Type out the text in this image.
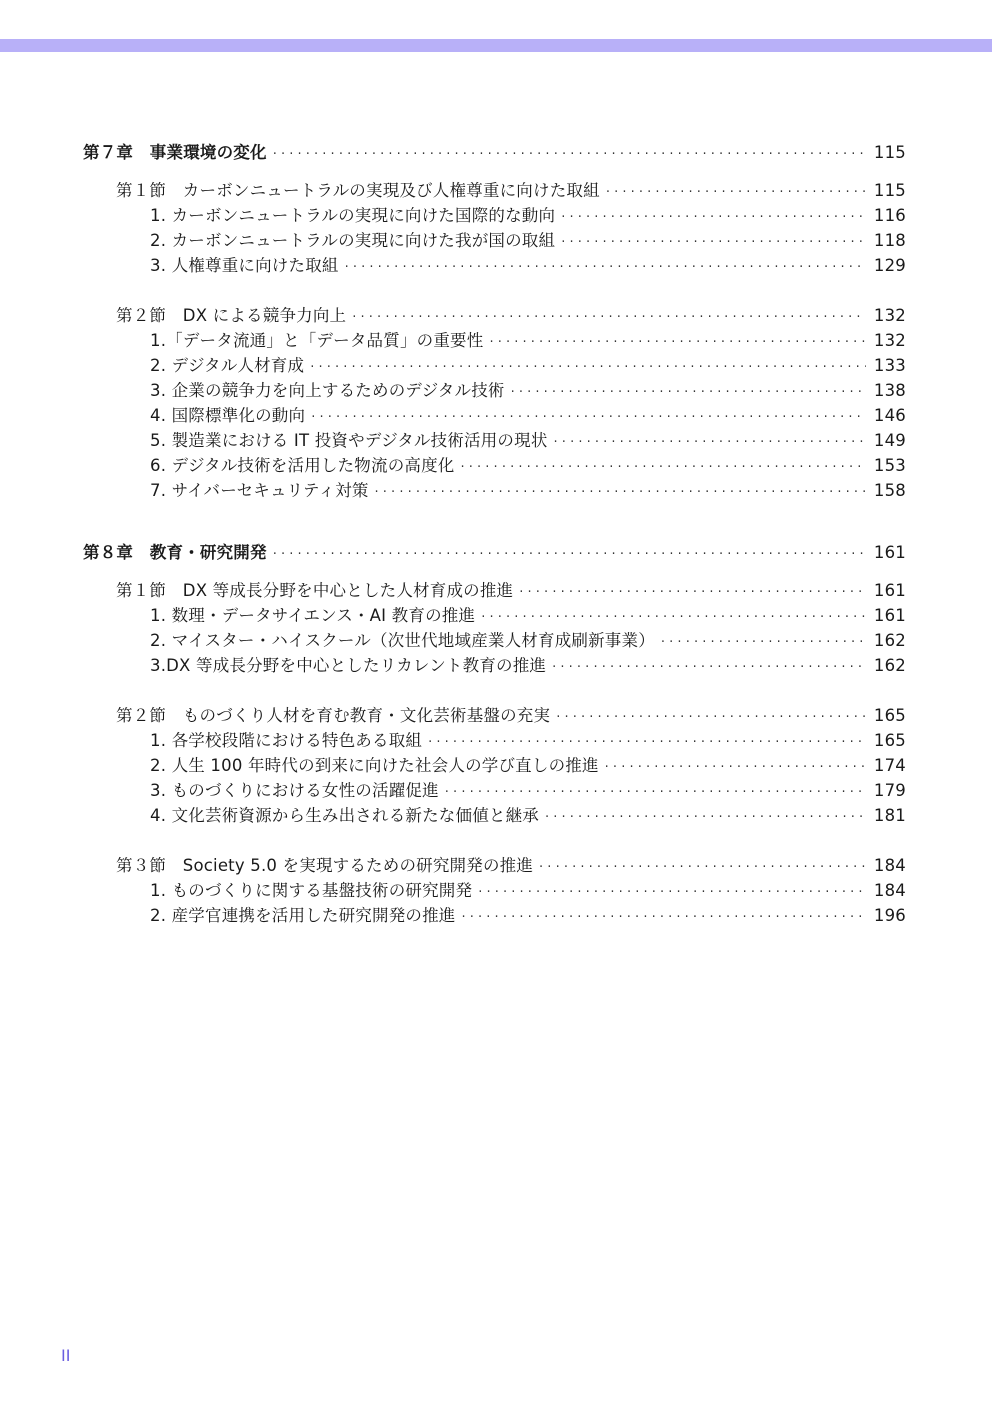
第７章　事業環境の変化 · · ·	115
第１節　カーボンニュートラルの実現及び人権尊重に向けた取組 · · ·	115
1. カーボンニュートラルの実現に向けた国際的な動向 · · ·	116
2. カーボンニュートラルの実現に向けた我が国の取組 · · ·	118
3. 人権尊重に向けた取組 · · ·	129
第２節　DX による競争力向上 · · ·	132
1.「データ流通」と「データ品質」の重要性 · · ·	132
2. デジタル人材育成 · · ·	133
3. 企業の競争力を向上するためのデジタル技術 · · ·	138
4. 国際標準化の動向 · · ·	146
5. 製造業における IT 投資やデジタル技術活用の現状 · · ·	149
6. デジタル技術を活用した物流の高度化 · · ·	153
7. サイバーセキュリティ対策 · · ·	158
第８章　教育・研究開発 · · ·	161
第１節　DX 等成長分野を中心とした人材育成の推進 · · ·	161
1. 数理・データサイエンス・AI 教育の推進 · · ·	161
2. マイスター・ハイスクール（次世代地域産業人材育成刷新事業） · · ·	162
3.DX 等成長分野を中心としたリカレント教育の推進 · · ·	162
第２節　ものづくり人材を育む教育・文化芸術基盤の充実 · · ·	165
1. 各学校段階における特色ある取組 · · ·	165
2. 人生 100 年時代の到来に向けた社会人の学び直しの推進 · · ·	174
3. ものづくりにおける女性の活躍促進 · · ·	179
4. 文化芸術資源から生み出される新たな価値と継承 · · ·	181
第３節　Society 5.0 を実現するための研究開発の推進 · · ·	184
1. ものづくりに関する基盤技術の研究開発 · · ·	184
2. 産学官連携を活用した研究開発の推進 · · ·	196
II
